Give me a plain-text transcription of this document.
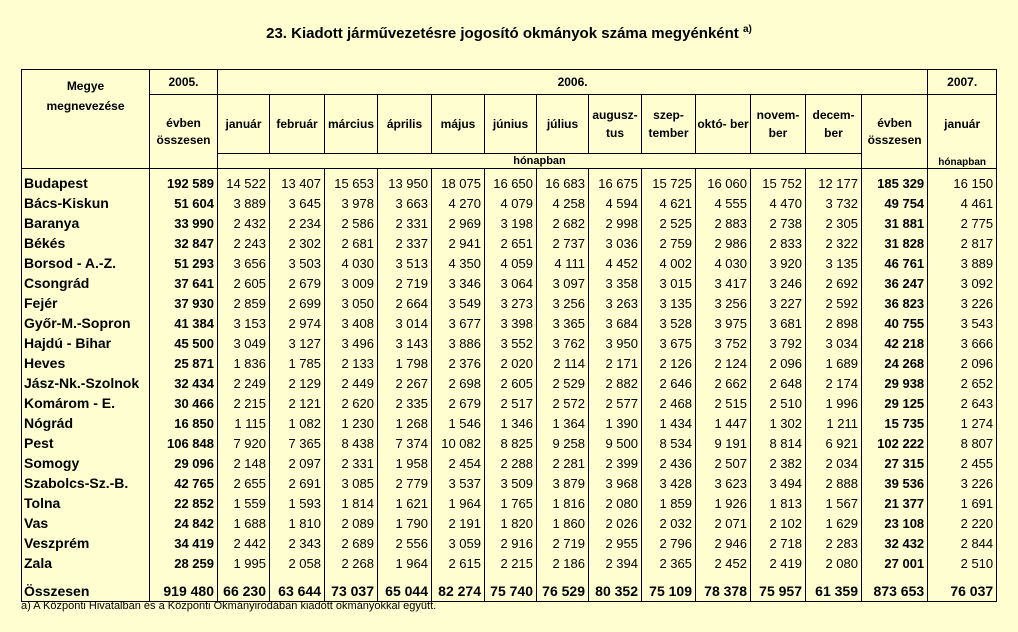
23. Kiadott járművezetésre jogosító okmányok száma megyénként $^{a)}$
Megye
megnevezése	2005.	2006.													2007.
	évben összesen	január	február	március	április	május	június	július	augusz- tus	szep- tember	októ- ber	novem- ber	decem- ber	évben összesen	január
		hónapban													hónapban
Budapest	192 589	14 522	13 407	15 653	13 950	18 075	16 650	16 683	16 675	15 725	16 060	15 752	12 177	185 329	16 150
Bács-Kiskun	51 604	3 889	3 645	3 978	3 663	4 270	4 079	4 258	4 594	4 621	4 555	4 470	3 732	49 754	4 461
Baranya	33 990	2 432	2 234	2 586	2 331	2 969	3 198	2 682	2 998	2 525	2 883	2 738	2 305	31 881	2 775
Békés	32 847	2 243	2 302	2 681	2 337	2 941	2 651	2 737	3 036	2 759	2 986	2 833	2 322	31 828	2 817
Borsod - A.-Z.	51 293	3 656	3 503	4 030	3 513	4 350	4 059	4 111	4 452	4 002	4 030	3 920	3 135	46 761	3 889
Csongrád	37 641	2 605	2 679	3 009	2 719	3 346	3 064	3 097	3 358	3 015	3 417	3 246	2 692	36 247	3 092
Fejér	37 930	2 859	2 699	3 050	2 664	3 549	3 273	3 256	3 263	3 135	3 256	3 227	2 592	36 823	3 226
Győr-M.-Sopron	41 384	3 153	2 974	3 408	3 014	3 677	3 398	3 365	3 684	3 528	3 975	3 681	2 898	40 755	3 543
Hajdú - Bihar	45 500	3 049	3 127	3 496	3 143	3 886	3 552	3 762	3 950	3 675	3 752	3 792	3 034	42 218	3 666
Heves	25 871	1 836	1 785	2 133	1 798	2 376	2 020	2 114	2 171	2 126	2 124	2 096	1 689	24 268	2 096
Jász-Nk.-Szolnok	32 434	2 249	2 129	2 449	2 267	2 698	2 605	2 529	2 882	2 646	2 662	2 648	2 174	29 938	2 652
Komárom - E.	30 466	2 215	2 121	2 620	2 335	2 679	2 517	2 572	2 577	2 468	2 515	2 510	1 996	29 125	2 643
Nógrád	16 850	1 115	1 082	1 230	1 268	1 546	1 346	1 364	1 390	1 434	1 447	1 302	1 211	15 735	1 274
Pest	106 848	7 920	7 365	8 438	7 374	10 082	8 825	9 258	9 500	8 534	9 191	8 814	6 921	102 222	8 807
Somogy	29 096	2 148	2 097	2 331	1 958	2 454	2 288	2 281	2 399	2 436	2 507	2 382	2 034	27 315	2 455
Szabolcs-Sz.-B.	42 765	2 655	2 691	3 085	2 779	3 537	3 509	3 879	3 968	3 428	3 623	3 494	2 888	39 536	3 226
Tolna	22 852	1 559	1 593	1 814	1 621	1 964	1 765	1 816	2 080	1 859	1 926	1 813	1 567	21 377	1 691
Vas	24 842	1 688	1 810	2 089	1 790	2 191	1 820	1 860	2 026	2 032	2 071	2 102	1 629	23 108	2 220
Veszprém	34 419	2 442	2 343	2 689	2 556	3 059	2 916	2 719	2 955	2 796	2 946	2 718	2 283	32 432	2 844
Zala	28 259	1 995	2 058	2 268	1 964	2 615	2 215	2 186	2 394	2 365	2 452	2 419	2 080	27 001	2 510
Összesen	919 480	66 230	63 644	73 037	65 044	82 274	75 740	76 529	80 352	75 109	78 378	75 957	61 359	873 653	76 037
a) A Központi Hivatalban és a Központi Okmányirodában kiadott okmányokkal együtt.
